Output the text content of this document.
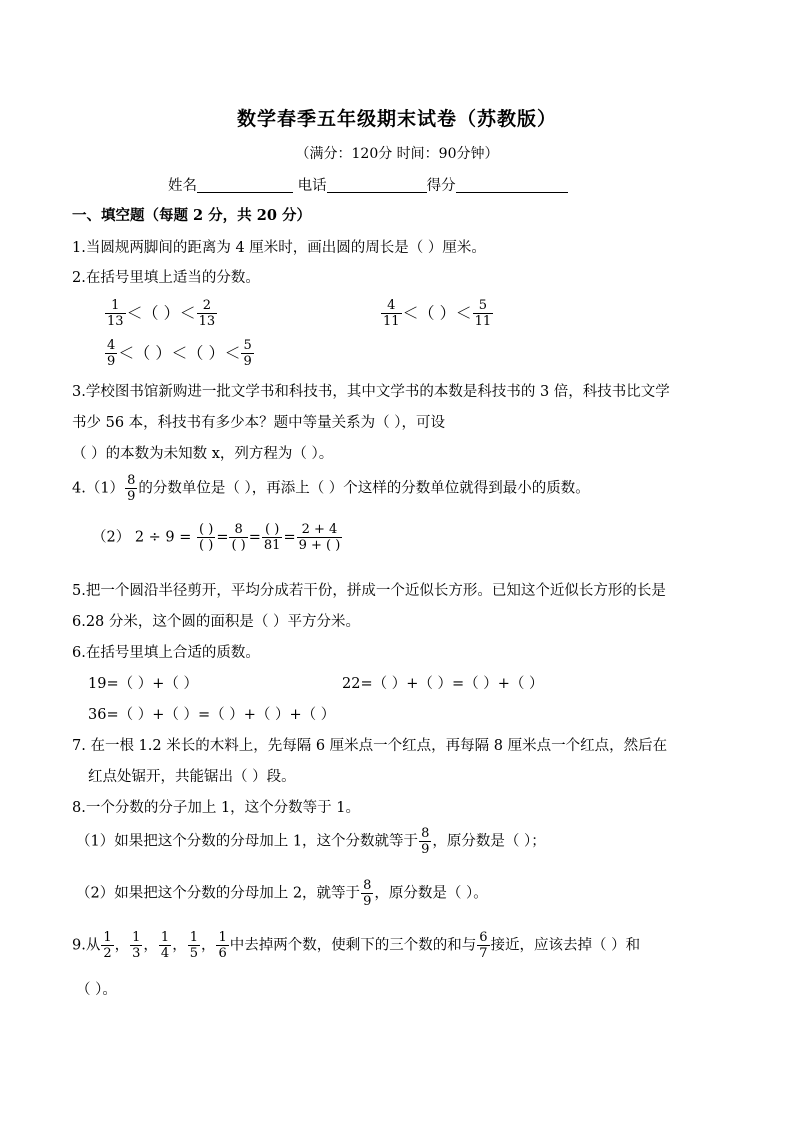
数学春季五年级期末试卷（苏教版）
（满分：120分 时间：90分钟）
姓名	电话	得分
一、填空题（每题 2 分，共 20 分）
1.当圆规两脚间的距离为 4 厘米时，画出圆的周长是（ ）厘米。
2.在括号里填上适当的分数。
$\frac{1}{13}$ ＜（ ）＜ $\frac{2}{13}$	$\frac{4}{11}$ ＜（ ）＜ $\frac{5}{11}$
$\frac{4}{9}$ ＜（ ）＜（ ）＜ $\frac{5}{9}$
3.学校图书馆新购进一批文学书和科技书，其中文学书的本数是科技书的 3 倍，科技书比文学
书少 56 本，科技书有多少本？题中等量关系为（ ），可设
（ ）的本数为未知数 x，列方程为（ ）。
$4.(1) \frac{8}{9}$ 的分数单位是（ ），再添上（ ）个这样的分数单位就得到最小的质数。
（2） $2 \div 9 = \frac{( )}{( )} = \frac{8}{( )} = \frac{( )}{81} = \frac{2 + 4}{9 + ( )}$
5.把一个圆沿半径剪开，平均分成若干份，拼成一个近似长方形。已知这个近似长方形的长是
6.28 分米，这个圆的面积是（ ）平方分米。
6.在括号里填上合适的质数。
19=（ ）+（ ）	22=（ ）+（ ）=（ ）+（ ）
36=（ ）+（ ）=（ ）+（ ）+（ ）
7. 在一根 1.2 米长的木料上，先每隔 6 厘米点一个红点，再每隔 8 厘米点一个红点，然后在
红点处锯开，共能锯出（ ）段。
8.一个分数的分子加上 1，这个分数等于 1。
（1）如果把这个分数的分母加上 1，这个分数就等于 $\frac{8}{9}$ ，原分数是（ ）；
（2）如果把这个分数的分母加上 2，就等于 $\frac{8}{9}$ ，原分数是（ ）。
9.从 $\frac{1}{2}$ ， $\frac{1}{3}$ ， $\frac{1}{4}$ ， $\frac{1}{5}$ ， $\frac{1}{6}$ 中去掉两个数，使剩下的三个数的和与 $\frac{6}{7}$ 接近，应该去掉（ ）和
（ ）。
